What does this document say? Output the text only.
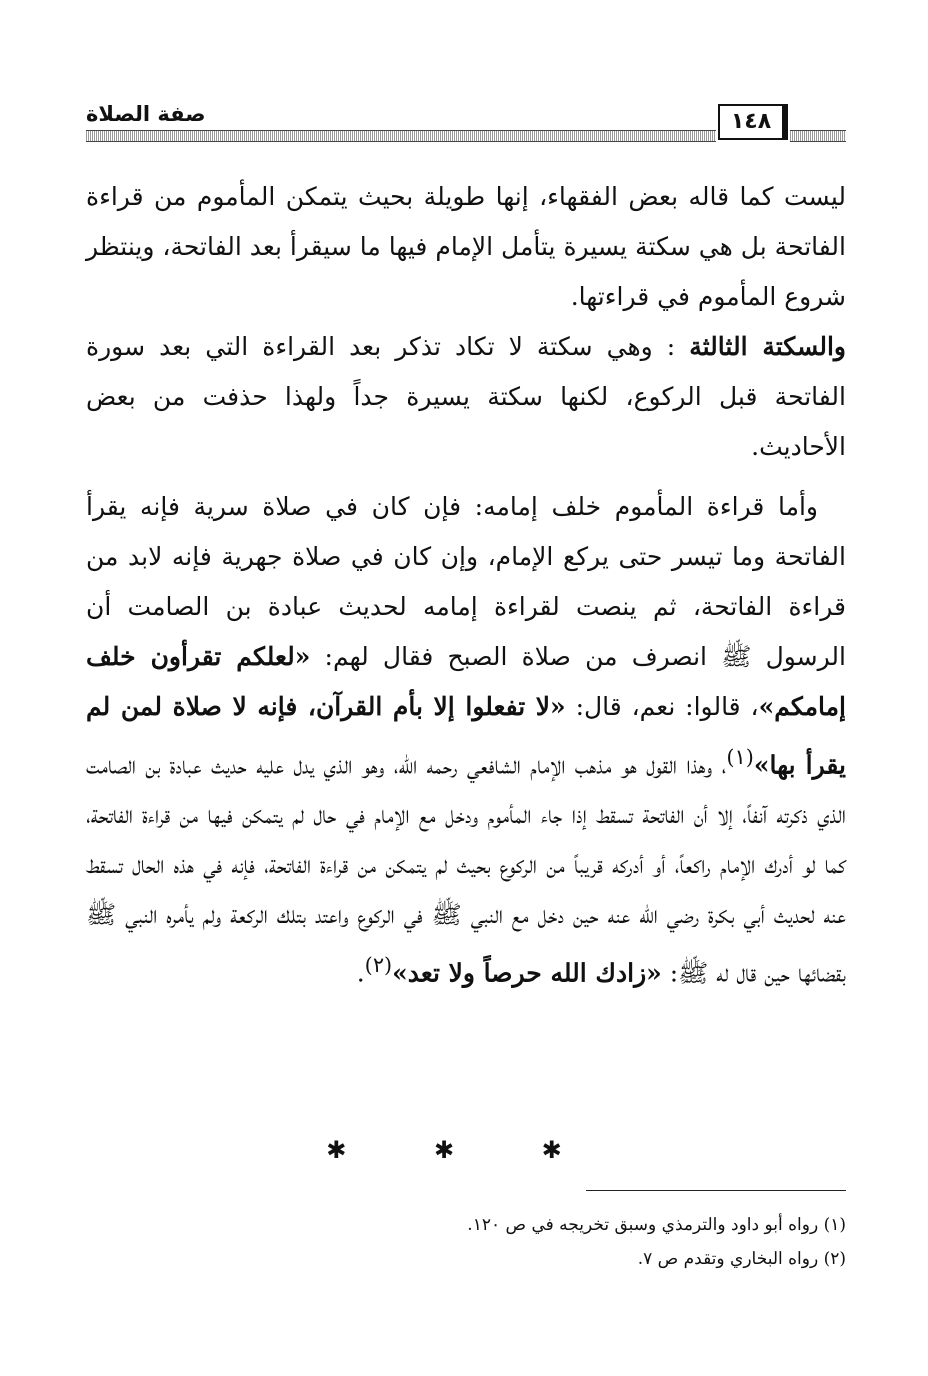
صفة الصلاة	١٤٨

ليست كما قاله بعض الفقهاء، إنها طويلة بحيث يتمكن المأموم من قراءة الفاتحة بل هي سكتة يسيرة يتأمل الإمام فيها ما سيقرأ بعد الفاتحة، وينتظر شروع المأموم في قراءتها.

والسكتة الثالثة : وهي سكتة لا تكاد تذكر بعد القراءة التي بعد سورة الفاتحة قبل الركوع، لكنها سكتة يسيرة جداً ولهذا حذفت من بعض الأحاديث.

وأما قراءة المأموم خلف إمامه: فإن كان في صلاة سرية فإنه يقرأ الفاتحة وما تيسر حتى يركع الإمام، وإن كان في صلاة جهرية فإنه لابد من قراءة الفاتحة، ثم ينصت لقراءة إمامه لحديث عبادة بن الصامت أن الرسول ﷺ انصرف من صلاة الصبح فقال لهم: «لعلكم تقرأون خلف إمامكم»، قالوا: نعم، قال: «لا تفعلوا إلا بأم القرآن، فإنه لا صلاة لمن لم يقرأ بها»$^{(١)}$، وهذا القول هو مذهب الإمام الشافعي رحمه الله، وهو الذي يدل عليه حديث عبادة بن الصامت الذي ذكرته آنفاً، إلا أن الفاتحة تسقط إذا جاء المأموم ودخل مع الإمام في حال لم يتمكن فيها من قراءة الفاتحة، كما لو أدرك الإمام راكعاً، أو أدركه قريباً من الركوع بحيث لم يتمكن من قراءة الفاتحة، فإنه في هذه الحال تسقط عنه لحديث أبي بكرة رضي الله عنه حين دخل مع النبي ﷺ في الركوع واعتد بتلك الركعة ولم يأمره النبي ﷺ بقضائها حين قال له ﷺ: «زادك الله حرصاً ولا تعد»$^{(٢)}$.

✱ ✱ ✱
(١) رواه أبو داود والترمذي وسبق تخريجه في ص ١٢٠.
(٢) رواه البخاري وتقدم ص ٧.
